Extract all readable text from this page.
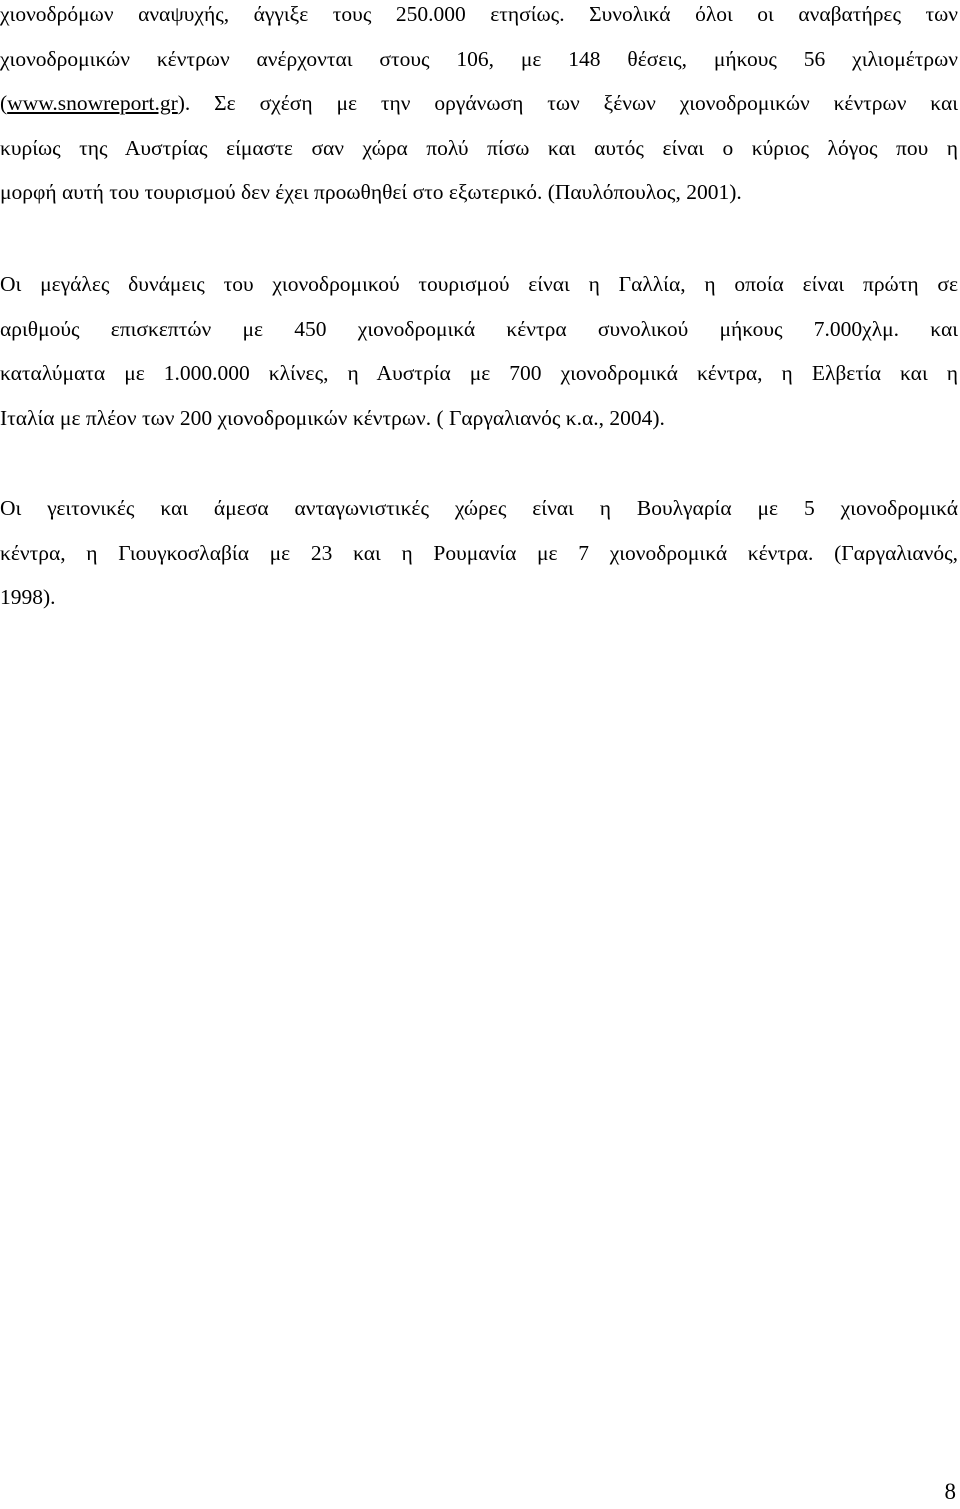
χιονοδρόμων αναψυχής, άγγιξε τους 250.000 ετησίως. Συνολικά όλοι οι αναβατήρες των
χιονοδρομικών κέντρων ανέρχονται στους 106, με 148 θέσεις, μήκους 56 χιλιομέτρων
(www.snowreport.gr). Σε σχέση με την οργάνωση των ξένων χιονοδρομικών κέντρων και
κυρίως της Αυστρίας είμαστε σαν χώρα πολύ πίσω και αυτός είναι ο κύριος λόγος που η
μορφή αυτή του τουρισμού δεν έχει προωθηθεί στο εξωτερικό. (Παυλόπουλος, 2001).

Οι μεγάλες δυνάμεις του χιονοδρομικού τουρισμού είναι η Γαλλία, η οποία είναι πρώτη σε
αριθμούς επισκεπτών με 450 χιονοδρομικά κέντρα συνολικού μήκους 7.000χλμ. και
καταλύματα με 1.000.000 κλίνες, η Αυστρία με 700 χιονοδρομικά κέντρα, η Ελβετία και η
Ιταλία με πλέον των 200 χιονοδρομικών κέντρων. ( Γαργαλιανός κ.α., 2004).

Οι γειτονικές και άμεσα ανταγωνιστικές χώρες είναι η Βουλγαρία με 5 χιονοδρομικά
κέντρα, η Γιουγκοσλαβία με 23 και η Ρουμανία με 7 χιονοδρομικά κέντρα. (Γαργαλιανός,
1998).

8
